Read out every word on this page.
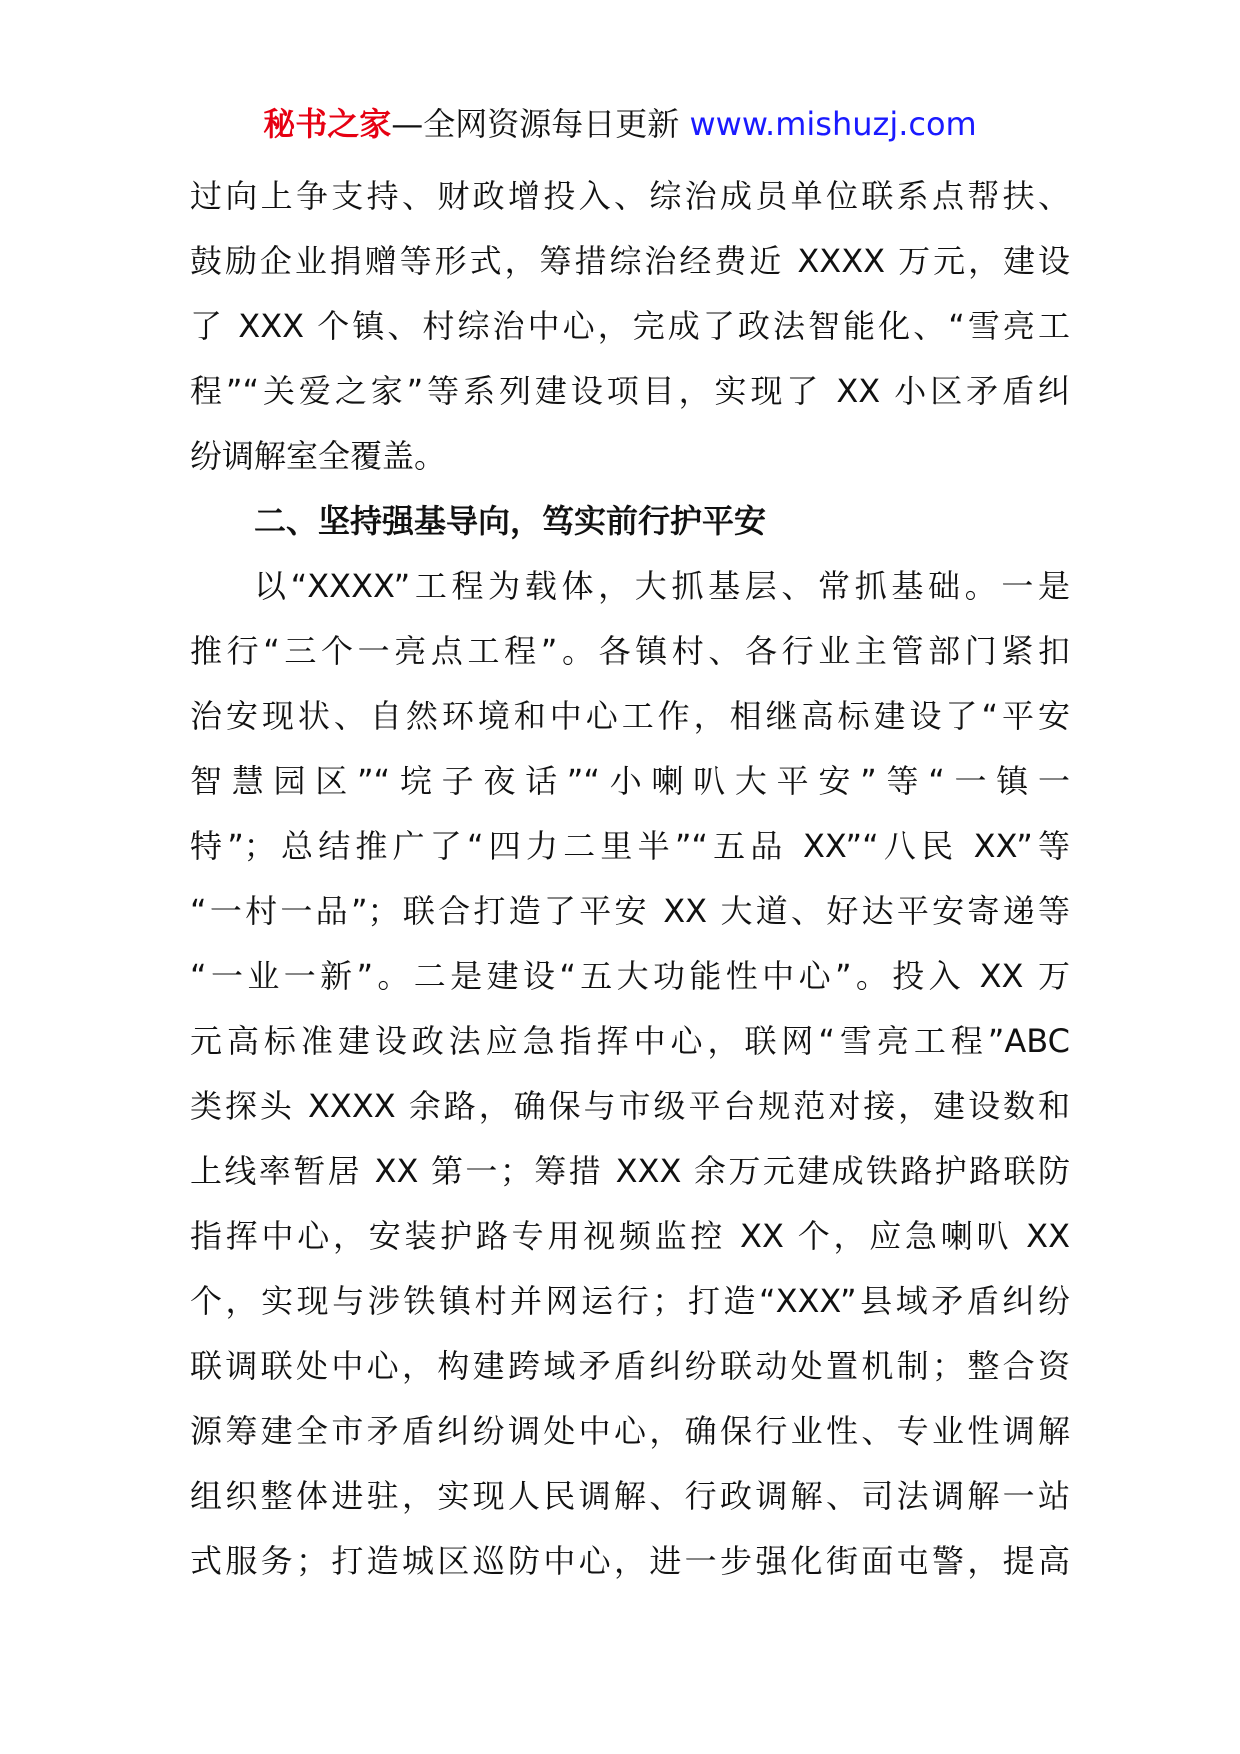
秘书之家—全网资源每日更新 www.mishuzj.com
过向上争支持、财政增投入、综治成员单位联系点帮扶、
鼓励企业捐赠等形式，筹措综治经费近 XXXX 万元，建设
了 XXX 个镇、村综治中心，完成了政法智能化、“雪亮工
程”“关爱之家”等系列建设项目，实现了 XX 小区矛盾纠
纷调解室全覆盖。
二、坚持强基导向，笃实前行护平安
以“XXXX”工程为载体，大抓基层、常抓基础。一是
推行“三个一亮点工程”。各镇村、各行业主管部门紧扣
治安现状、自然环境和中心工作，相继高标建设了“平安
智慧园区”“垸子夜话”“小喇叭大平安”等“一镇一
特”；总结推广了“四力二里半”“五品 XX”“八民 XX”等
“一村一品”；联合打造了平安 XX 大道、好达平安寄递等
“一业一新”。二是建设“五大功能性中心”。投入 XX 万
元高标准建设政法应急指挥中心，联网“雪亮工程”ABC
类探头 XXXX 余路，确保与市级平台规范对接，建设数和
上线率暂居 XX 第一；筹措 XXX 余万元建成铁路护路联防
指挥中心，安装护路专用视频监控 XX 个，应急喇叭 XX
个，实现与涉铁镇村并网运行；打造“XXX”县域矛盾纠纷
联调联处中心，构建跨域矛盾纠纷联动处置机制；整合资
源筹建全市矛盾纠纷调处中心，确保行业性、专业性调解
组织整体进驻，实现人民调解、行政调解、司法调解一站
式服务；打造城区巡防中心，进一步强化街面屯警，提高
